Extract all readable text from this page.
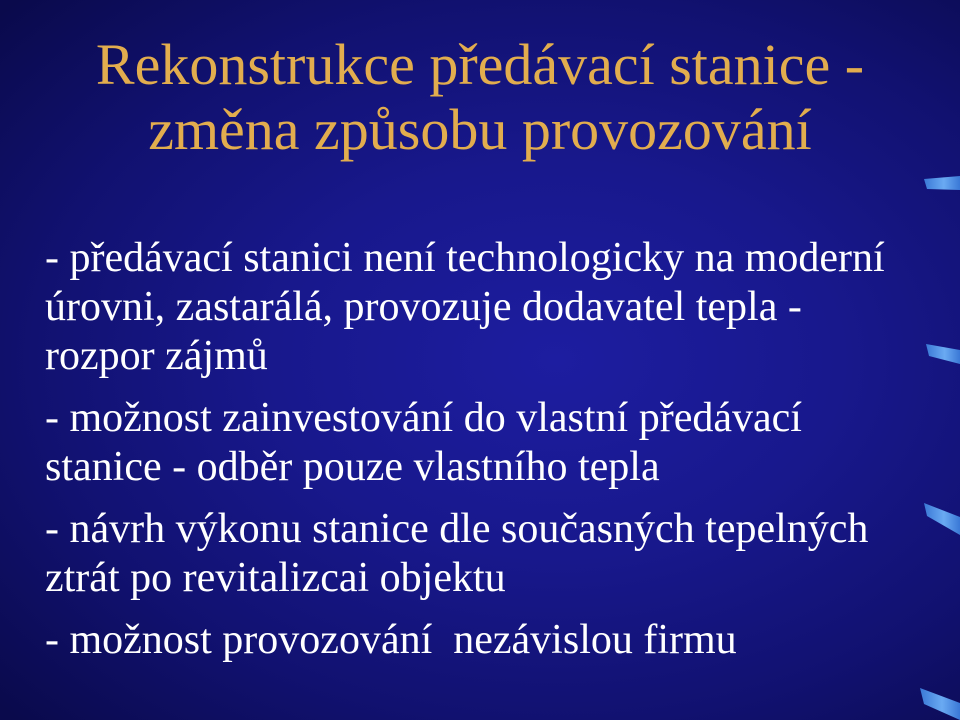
Rekonstrukce předávací stanice -
změna způsobu provozování
- předávací stanici není technologicky na moderní
úrovni, zastarálá, provozuje dodavatel tepla -
rozpor zájmů
- možnost zainvestování do vlastní předávací
stanice - odběr pouze vlastního tepla
- návrh výkonu stanice dle současných tepelných
ztrát po revitalizcai objektu
- možnost provozování  nezávislou firmu
